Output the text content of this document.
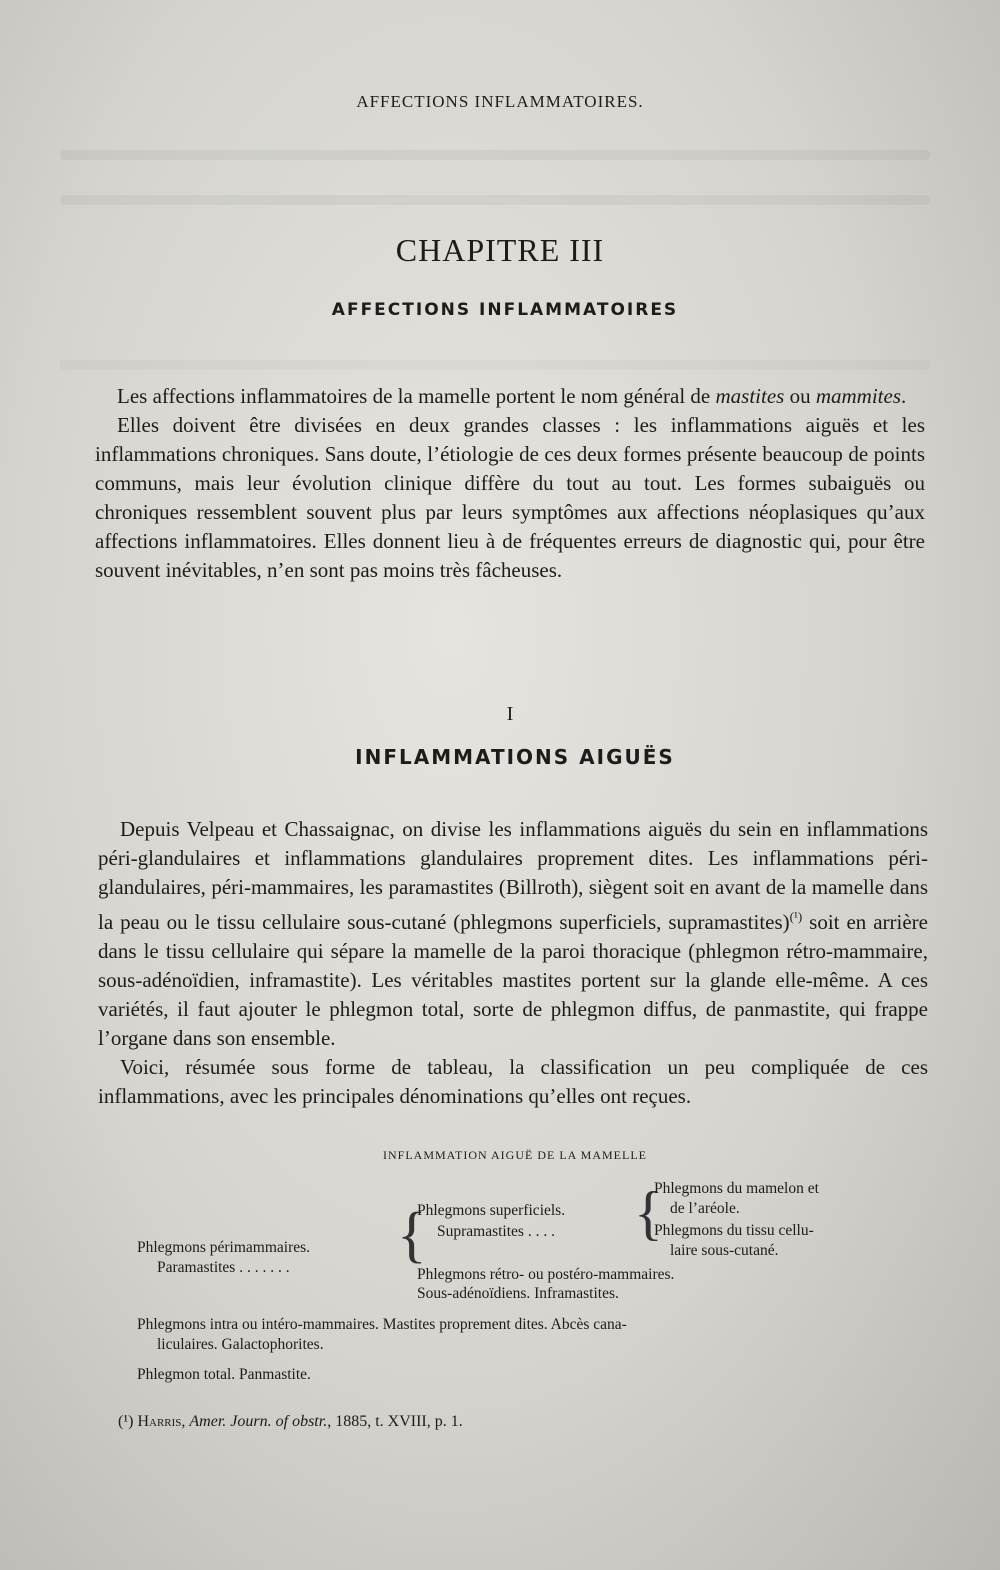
AFFECTIONS INFLAMMATOIRES.
CHAPITRE III
AFFECTIONS INFLAMMATOIRES

Les affections inflammatoires de la mamelle portent le nom général de mastites ou mammites.

Elles doivent être divisées en deux grandes classes : les inflammations aiguës et les inflammations chroniques. Sans doute, l’étiologie de ces deux formes présente beaucoup de points communs, mais leur évolution clinique diffère du tout au tout. Les formes subaiguës ou chroniques ressemblent souvent plus par leurs symptômes aux affections néoplasiques qu’aux affections inflammatoires. Elles donnent lieu à de fréquentes erreurs de diagnostic qui, pour être souvent inévitables, n’en sont pas moins très fâcheuses.

I
INFLAMMATIONS AIGUËS

Depuis Velpeau et Chassaignac, on divise les inflammations aiguës du sein en inflammations péri-glandulaires et inflammations glandulaires proprement dites. Les inflammations péri-glandulaires, péri-mammaires, les paramastites (Billroth), siègent soit en avant de la mamelle dans la peau ou le tissu cellulaire sous-cutané (phlegmons superficiels, supramastites)$^{(^1)}$ soit en arrière dans le tissu cellulaire qui sépare la mamelle de la paroi thoracique (phlegmon rétro-mammaire, sous-adénoïdien, inframastite). Les véritables mastites portent sur la glande elle-même. A ces variétés, il faut ajouter le phlegmon total, sorte de phlegmon diffus, de panmastite, qui frappe l’organe dans son ensemble.

Voici, résumée sous forme de tableau, la classification un peu compliquée de ces inflammations, avec les principales dénominations qu’elles ont reçues.

INFLAMMATION AIGUË DE LA MAMELLE
Phlegmons périmammaires.
Paramastites . . . . . . . {
Phlegmons superficiels.
Supramastites . . . . {
Phlegmons du mamelon et
de l’aréole.
Phlegmons du tissu cellu-
laire sous-cutané.
Phlegmons rétro- ou postéro-mammaires.
Sous-adénoïdiens. Inframastites.
Phlegmons intra ou intéro-mammaires. Mastites proprement dites. Abcès cana-
liculaires. Galactophorites.
Phlegmon total. Panmastite.
(¹) Harris, Amer. Journ. of obstr., 1885, t. XVIII, p. 1.
